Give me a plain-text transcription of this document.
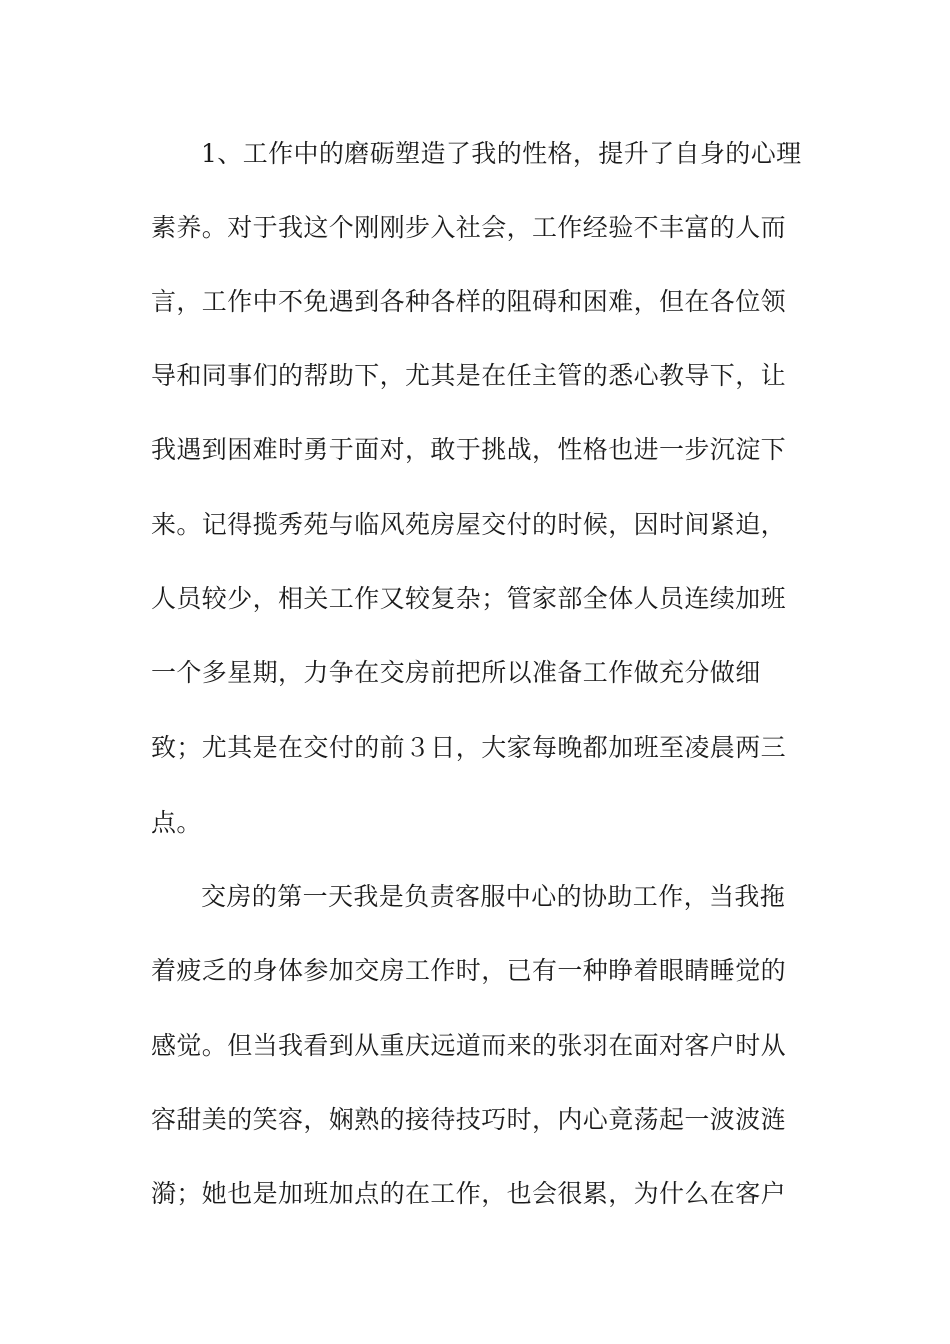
1、工作中的磨砺塑造了我的性格，提升了自身的心理
素养。对于我这个刚刚步入社会，工作经验不丰富的人而
言，工作中不免遇到各种各样的阻碍和困难，但在各位领
导和同事们的帮助下，尤其是在任主管的悉心教导下，让
我遇到困难时勇于面对，敢于挑战，性格也进一步沉淀下
来。记得揽秀苑与临风苑房屋交付的时候，因时间紧迫，
人员较少，相关工作又较复杂；管家部全体人员连续加班
一个多星期，力争在交房前把所以准备工作做充分做细
致；尤其是在交付的前３日，大家每晚都加班至凌晨两三
点。
交房的第一天我是负责客服中心的协助工作，当我拖
着疲乏的身体参加交房工作时，已有一种睁着眼睛睡觉的
感觉。但当我看到从重庆远道而来的张羽在面对客户时从
容甜美的笑容，娴熟的接待技巧时，内心竟荡起一波波涟
漪；她也是加班加点的在工作，也会很累，为什么在客户
